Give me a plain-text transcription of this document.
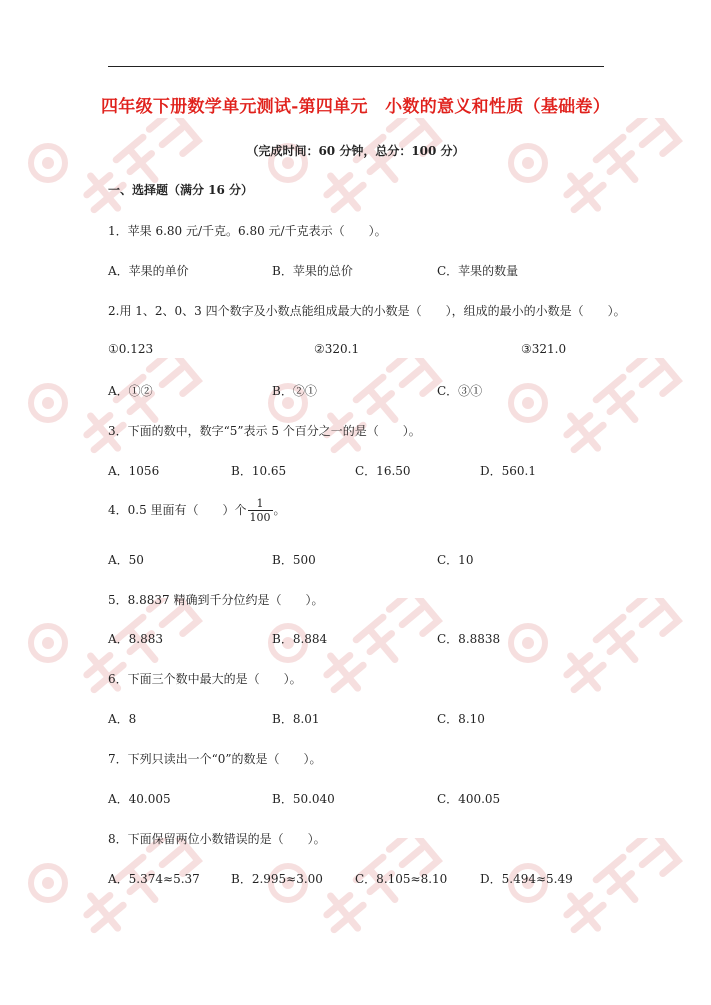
四年级下册数学单元测试-第四单元　小数的意义和性质（基础卷）
（完成时间：60 分钟，总分：100 分）
一、选择题（满分 16 分）
1．苹果 6.80 元/千克。6.80 元/千克表示（　　）。
A．苹果的单价	B．苹果的总价	C．苹果的数量
2.用 1、2、0、3 四个数字及小数点能组成最大的小数是（　　），组成的最小的小数是（　　）。
①0.123	②320.1	③321.0
A．①②	B．②①	C．③①
3．下面的数中，数字“5”表示 5 个百分之一的是（　　）。
A．1056	B．10.65	C．16.50	D．560.1
4．0.5 里面有（　　）个 $\frac{1}{100}$ 。
A．50	B．500	C．10
5．8.8837 精确到千分位约是（　　）。
A．8.883	B．8.884	C．8.8838
6．下面三个数中最大的是（　　）。
A．8	B．8.01	C．8.10
7．下列只读出一个“0”的数是（　　）。
A．40.005	B．50.040	C．400.05
8．下面保留两位小数错误的是（　　）。
A．5.374≈5.37	B．2.995≈3.00	C．8.105≈8.10	D．5.494≈5.49
